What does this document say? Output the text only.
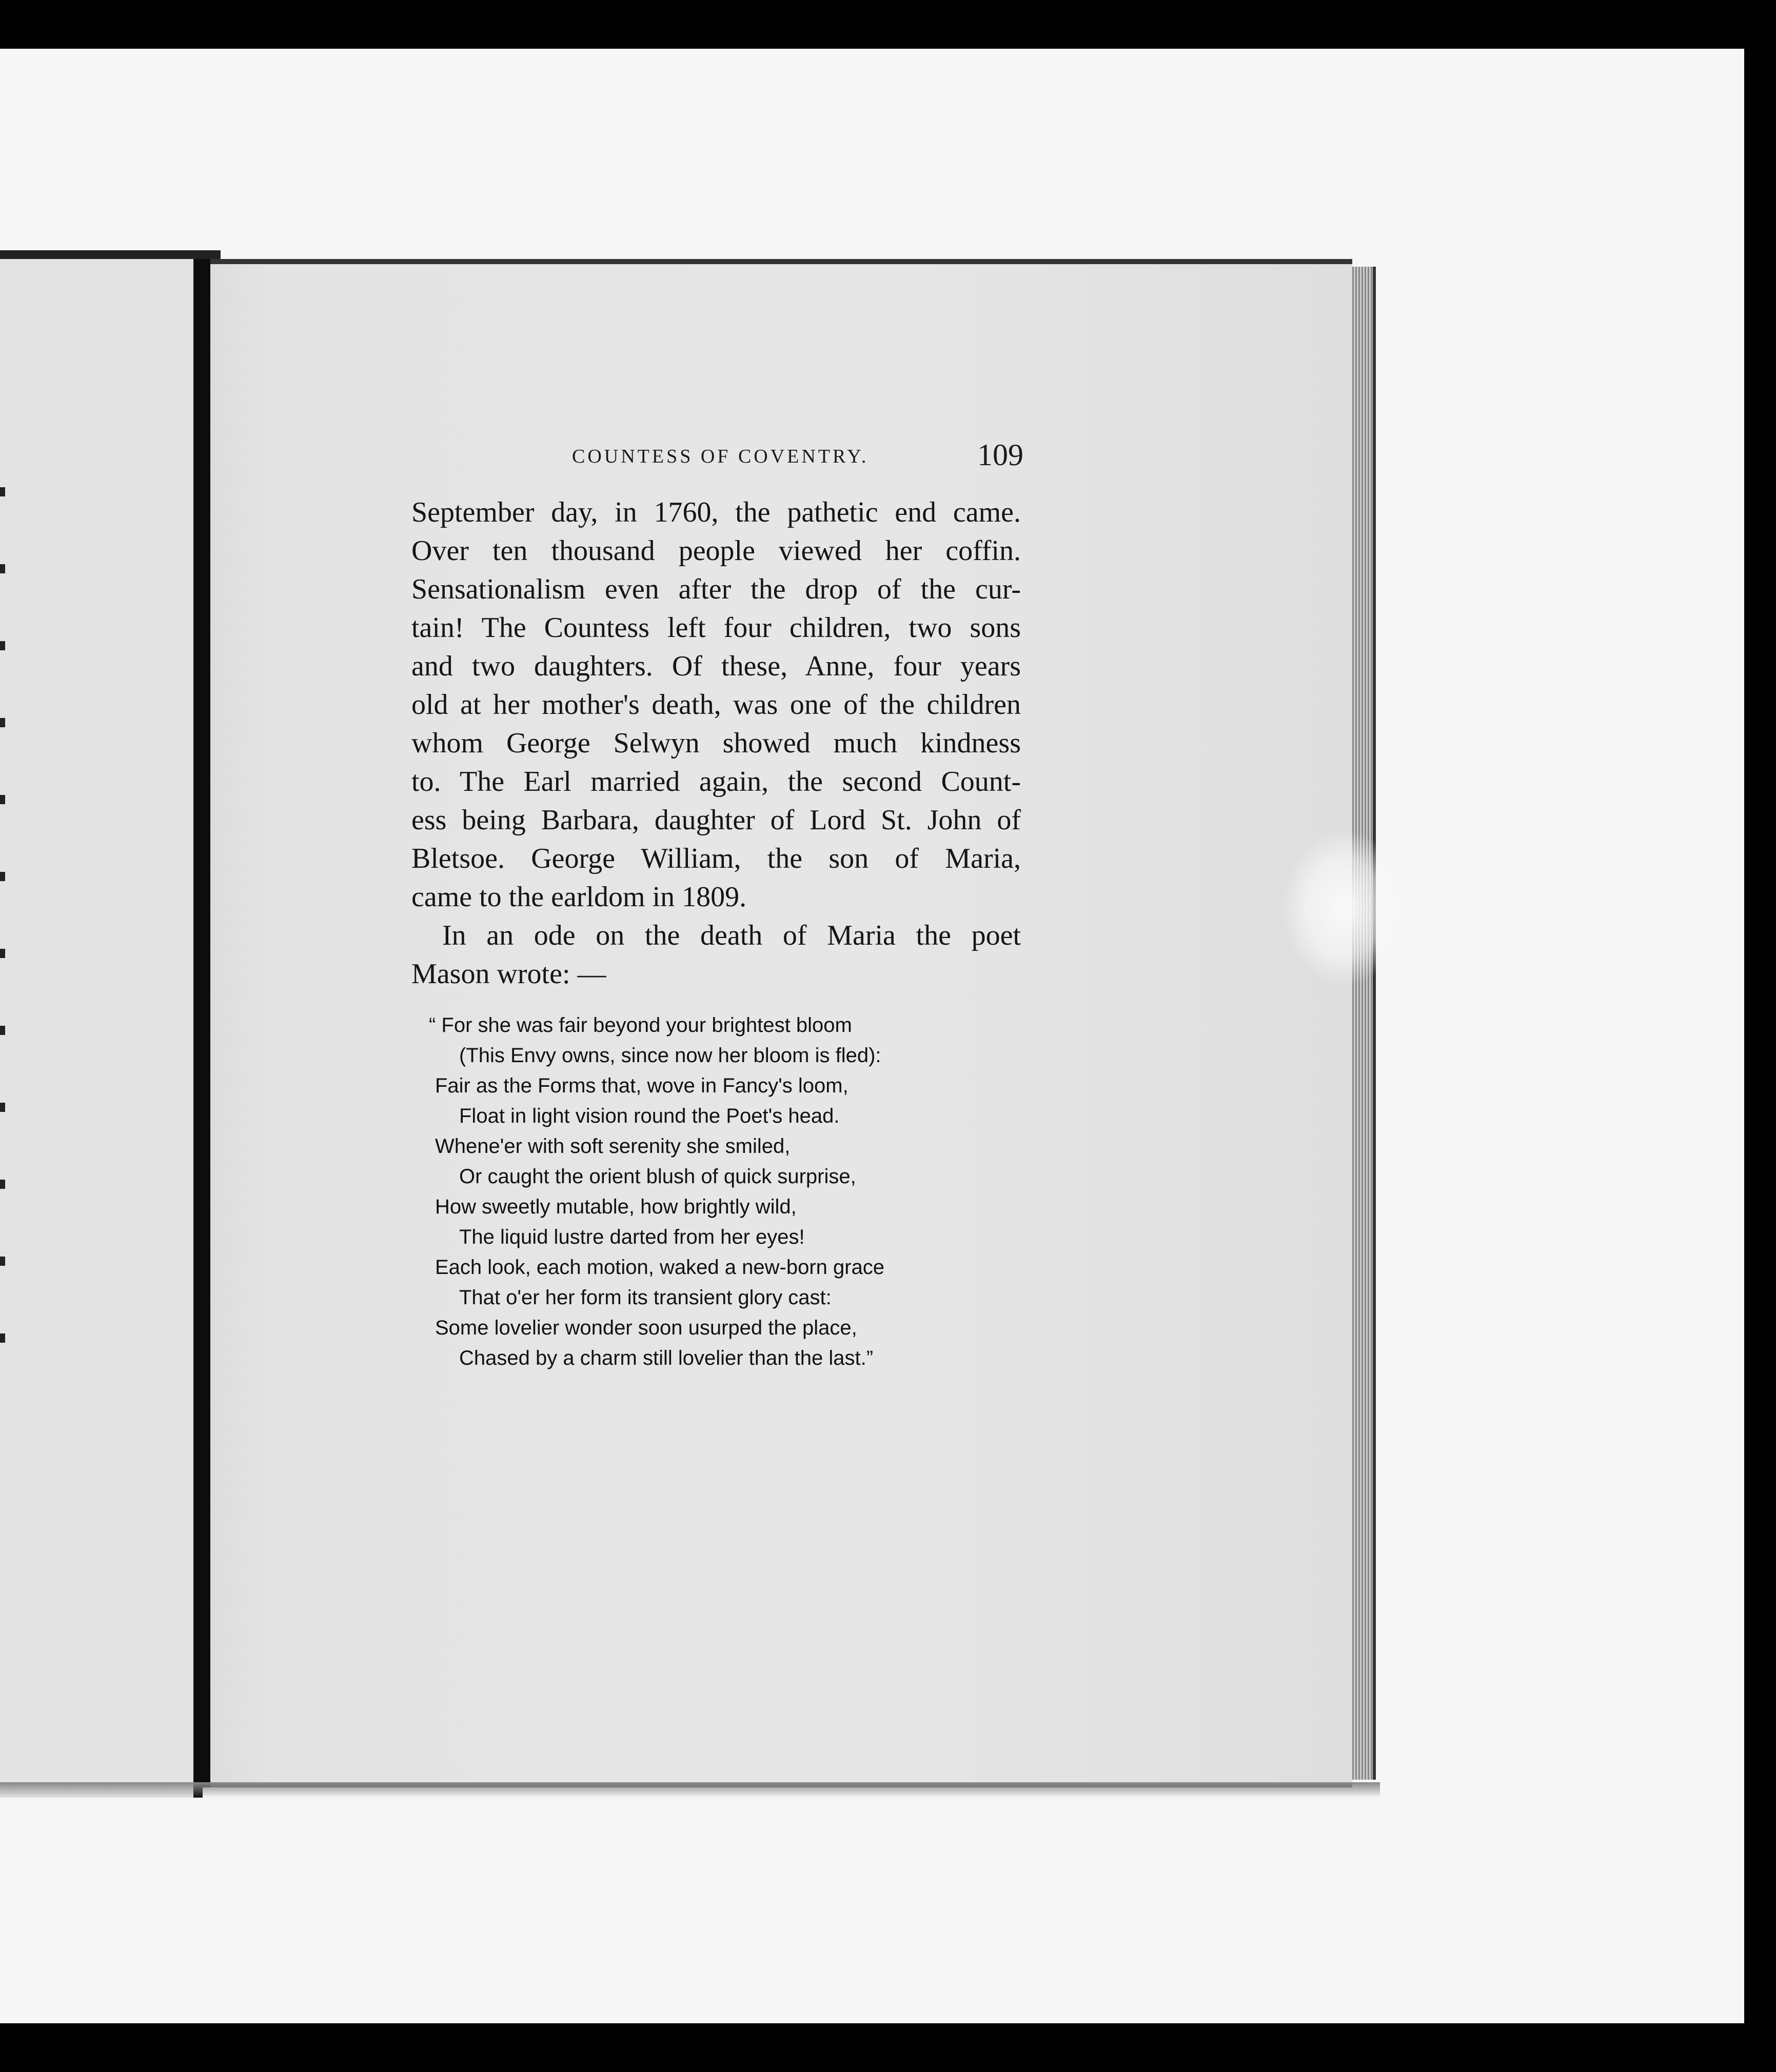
COUNTESS OF COVENTRY.	109
September day, in 1760, the pathetic end came.
Over ten thousand people viewed her coffin.
Sensationalism even after the drop of the cur-
tain! The Countess left four children, two sons
and two daughters. Of these, Anne, four years
old at her mother's death, was one of the children
whom George Selwyn showed much kindness
to. The Earl married again, the second Count-
ess being Barbara, daughter of Lord St. John of
Bletsoe. George William, the son of Maria,
came to the earldom in 1809.
In an ode on the death of Maria the poet
Mason wrote: —
“ For she was fair beyond your brightest bloom
(This Envy owns, since now her bloom is fled):
Fair as the Forms that, wove in Fancy's loom,
Float in light vision round the Poet's head.
Whene'er with soft serenity she smiled,
Or caught the orient blush of quick surprise,
How sweetly mutable, how brightly wild,
The liquid lustre darted from her eyes!
Each look, each motion, waked a new-born grace
That o'er her form its transient glory cast:
Some lovelier wonder soon usurped the place,
Chased by a charm still lovelier than the last.”
